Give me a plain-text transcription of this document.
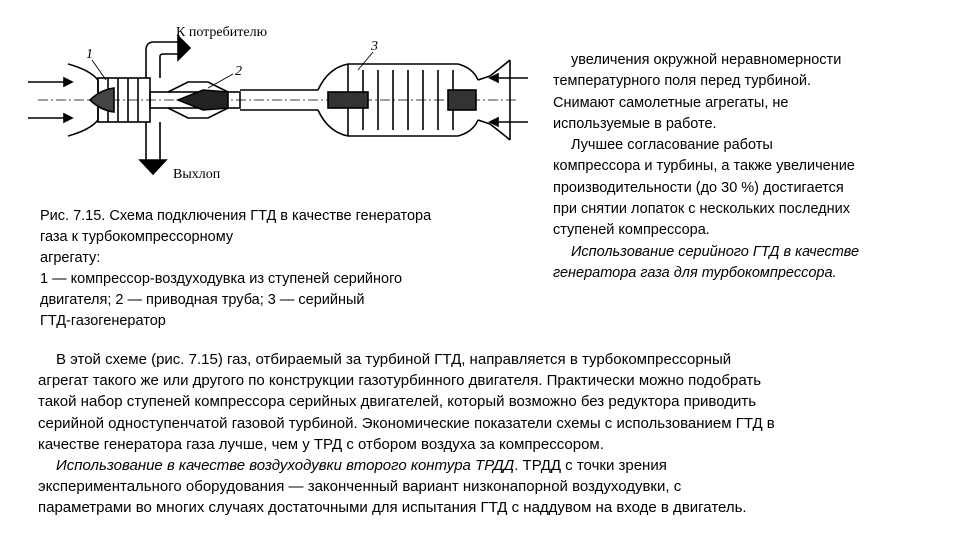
К потребителю
Выхлоп
1
2
3
Рис. 7.15. Схема подключения ГТД в качестве генератора
газа к турбокомпрессорному
агрегату:
1 — компрессор-воздуходувка из ступеней серийного
двигателя; 2 — приводная труба; 3 — серийный
ГТД-газогенератор
увеличения окружной неравномерности
температурного поля перед турбиной.
Снимают самолетные агрегаты, не
используемые в работе.
Лучшее согласование работы
компрессора и турбины, а также увеличение
производительности (до 30 %) достигается
при снятии лопаток с нескольких последних
ступеней компрессора.
Использование серийного ГТД в качестве
генератора газа для турбокомпрессора.
В этой схеме (рис. 7.15) газ, отбираемый за турбиной ГТД, направляется в турбокомпрессорный
агрегат такого же или другого по конструкции газотурбинного двигателя. Практически можно подобрать
такой набор ступеней компрессора серийных двигателей, который возможно без редуктора приводить
серийной одноступенчатой газовой турбиной. Экономические показатели схемы с использованием ГТД в
качестве генератора газа лучше, чем у ТРД с отбором воздуха за компрессором.
Использование в качестве воздуходувки второго контура ТРДД. ТРДД с точки зрения
экспериментального оборудования — законченный вариант низконапорной воздуходувки, с
параметрами во многих случаях достаточными для испытания ГТД с наддувом на входе в двигатель.
